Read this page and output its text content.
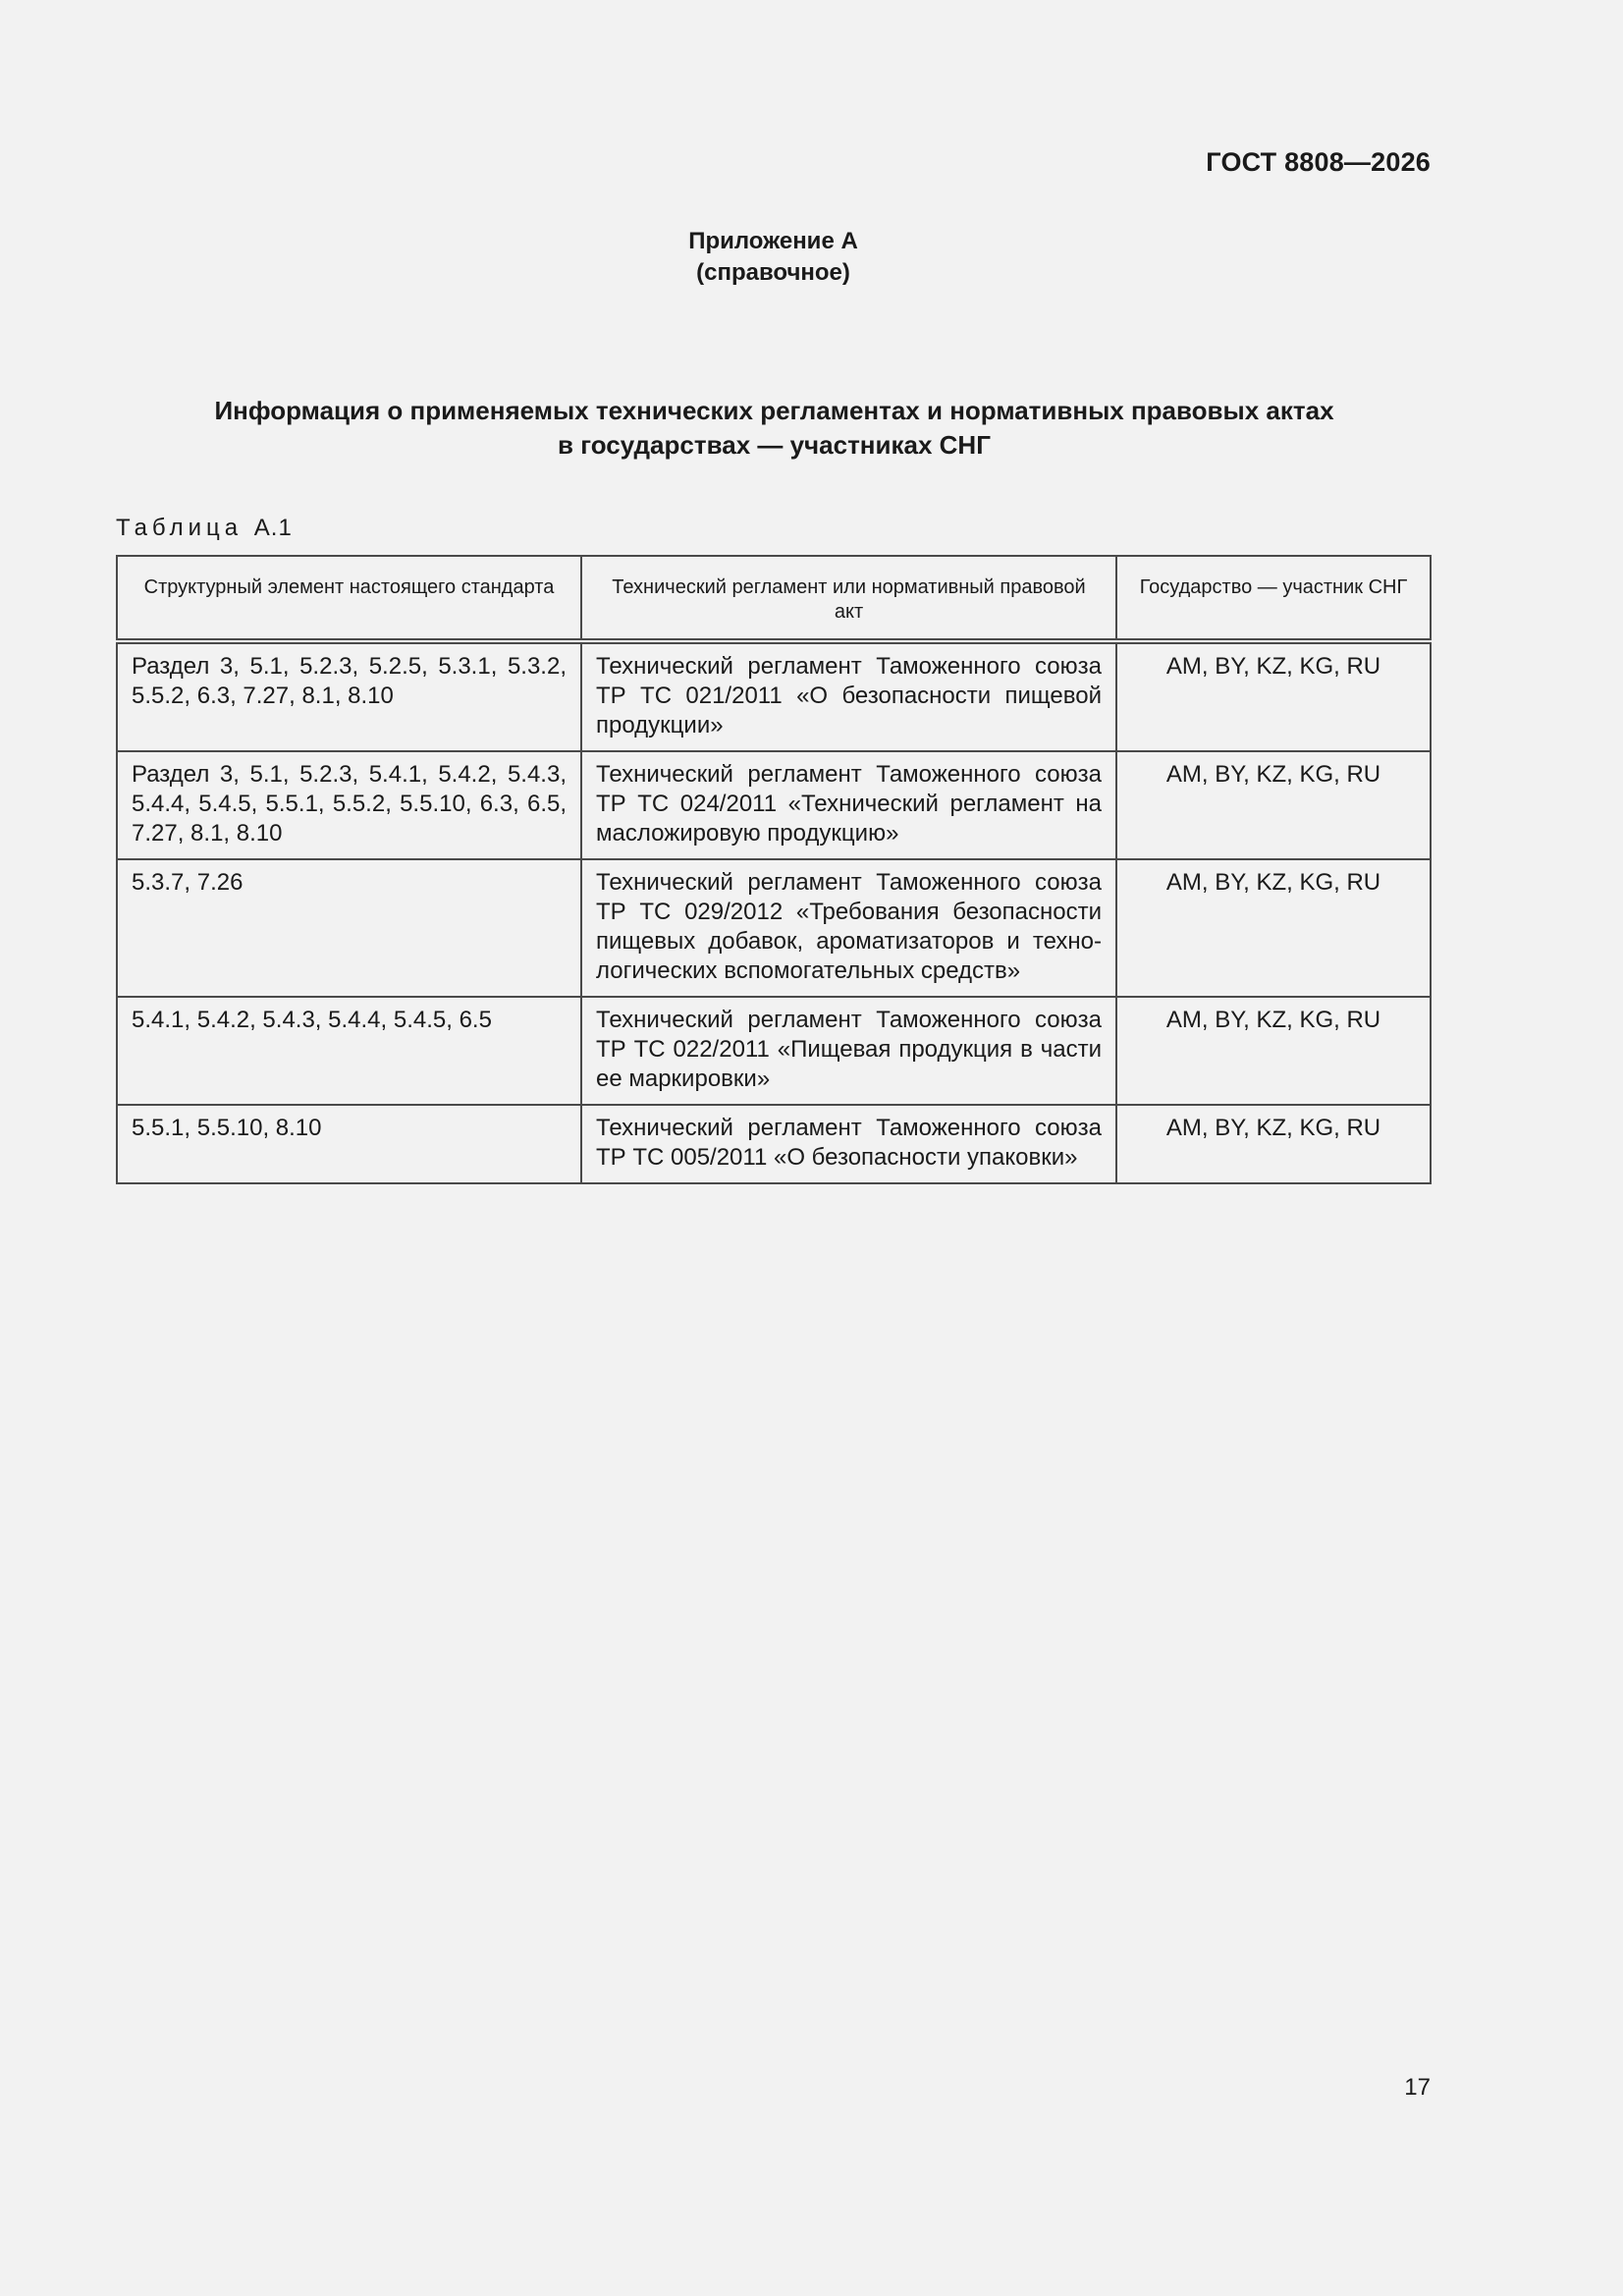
ГОСТ 8808—2026
Приложение А
(справочное)
Информация о применяемых технических регламентах и нормативных правовых актах
в государствах — участниках СНГ
Таблица А.1
Структурный элемент настоящего стандарта	Технический регламент или нормативный правовой акт	Государство — участник СНГ
Раздел 3, 5.1, 5.2.3, 5.2.5, 5.3.1, 5.3.2, 5.5.2, 6.3, 7.27, 8.1, 8.10	Технический регламент Таможенного союза ТР ТС 021/2011 «О безопасности пищевой продукции»	AM, BY, KZ, KG, RU
Раздел 3, 5.1, 5.2.3, 5.4.1, 5.4.2, 5.4.3, 5.4.4, 5.4.5, 5.5.1, 5.5.2, 5.5.10, 6.3, 6.5, 7.27, 8.1, 8.10	Технический регламент Таможенного союза ТР ТС 024/2011 «Технический регламент на масложировую продукцию»	AM, BY, KZ, KG, RU
5.3.7, 7.26	Технический регламент Таможенного союза ТР ТС 029/2012 «Требования безопасности пищевых добавок, ароматизаторов и технологических вспомогательных средств»	AM, BY, KZ, KG, RU
5.4.1, 5.4.2, 5.4.3, 5.4.4, 5.4.5, 6.5	Технический регламент Таможенного союза ТР ТС 022/2011 «Пищевая продукция в части ее маркировки»	AM, BY, KZ, KG, RU
5.5.1, 5.5.10, 8.10	Технический регламент Таможенного союза ТР ТС 005/2011 «О безопасности упаковки»	AM, BY, KZ, KG, RU
17
